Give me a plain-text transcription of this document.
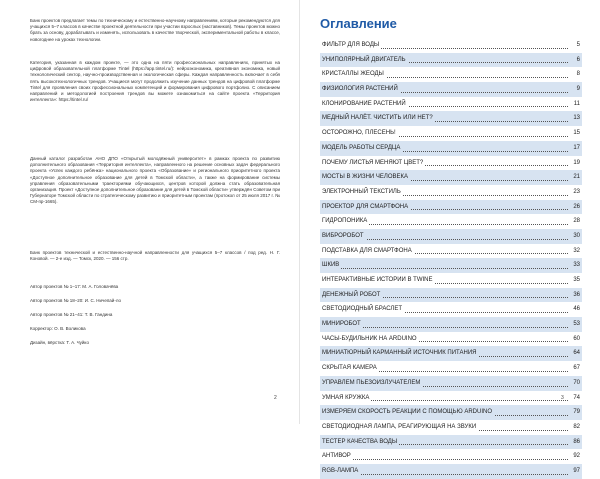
Банк проектов предлагает темы по техническому и естественно-научному направлениям, которые рекомендуются для учащихся 5–7 классов в качестве проектной деятельности при участии взрослых (наставников). Темы проектов можно брать за основу, дорабатывать и изменять, использовать в качестве творческой, экспериментальной работы в классе, новогоднее на уроках технологии.

Категория, указанная в каждом проекте, — это одна на пяти профессиональных направлениях, принятых на цифровой образовательной платформе Tintel (https://app.tintel.ru/): нейроэкономика, креативная экономика, новый технологический сектор, научно-производственная и экологическая сферы. Каждая направленность включает в себя пять высокотехнологичных трендов. Учащиеся могут продолжить изучение данных трендов на цифровой платформе Tintel для проявления своих профессиональных компетенций и формирования цифрового портфолио. С описанием направлений и методологией построения трендов вы можете ознакомиться на сайте проекта «Территория интеллекта»: https://tintel.ru/

Данный каталог разработан АНО ДПО «Открытый молодёжный университет» в рамках проекта по развитию дополнительного образования «Территория интеллекта», направленного на решение основных задач федерального проекта «Успех каждого ребёнка» национального проекта «Образование» и регионального приоритетного проекта «Доступное дополнительное образование для детей в Томской области», а также на формирование системы управления образовательными траекториями обучающихся, центров которой должна стать образовательная организация. Проект «Доступное дополнительное образование для детей в Томской области» утверждён Советом при Губернаторе Томской области по стратегическому развитию и приоритетным проектам (протокол от 25 июля 2017 г. № СМ-пр-1665).

Банк проектов технической и естественно-научной направленности для учащихся 5–7 классов / под ред. Н. Г. Коновой. — 2-е изд. — Томск, 2020. — 156 стр.

Автор проектов № 1–17: М. А. Головачёва

Автор проектов № 18–20: И. С. Ничепай-ло

Автор проектов № 21–41: Т. В. Гандина

Корректор: О. В. Воликова

Дизайн, вёрстка: Т. А. Чуйко

2

Оглавление
ФИЛЬТР ДЛЯ ВОДЫ	5
УНИПОЛЯРНЫЙ ДВИГАТЕЛЬ	6
КРИСТАЛЛЫ ЖЕОДЫ	8
ФИЗИОЛОГИЯ РАСТЕНИЙ	9
КЛОНИРОВАНИЕ РАСТЕНИЙ	11
МЕДНЫЙ НАЛЁТ. ЧИСТИТЬ ИЛИ НЕТ?	13
ОСТОРОЖНО, ПЛЕСЕНЬ!	15
МОДЕЛЬ РАБОТЫ СЕРДЦА	17
ПОЧЕМУ ЛИСТЬЯ МЕНЯЮТ ЦВЕТ?	19
МОСТЫ В ЖИЗНИ ЧЕЛОВЕКА	21
ЭЛЕКТРОННЫЙ ТЕКСТИЛЬ	23
ПРОЕКТОР ДЛЯ СМАРТФОНА	26
ГИДРОПОНИКА	28
ВИБРОРОБОТ	30
ПОДСТАВКА ДЛЯ СМАРТФОНА	32
ШКИВ	33
ИНТЕРАКТИВНЫЕ ИСТОРИИ В TWINE	35
ДЕНЕЖНЫЙ РОБОТ	36
СВЕТОДИОДНЫЙ БРАСЛЕТ	46
МИНИРОБОТ	53
ЧАСЫ-БУДИЛЬНИК НА ARDUINO	60
МИНИАТЮРНЫЙ КАРМАННЫЙ ИСТОЧНИК ПИТАНИЯ	64
СКРЫТАЯ КАМЕРА	67
УПРАВЛЕМ ПЬЕЗОИЗЛУЧАТЕЛЕМ	70
УМНАЯ КРУЖКА	74
ИЗМЕРЯЕМ СКОРОСТЬ РЕАКЦИИ С ПОМОЩЬЮ ARDUINO	79
СВЕТОДИОДНАЯ ЛАМПА, РЕАГИРУЮЩАЯ НА ЗВУКИ	82
ТЕСТЕР КАЧЕСТВА ВОДЫ	86
АНТИВОР	92
RGB-ЛАМПА	97

3
